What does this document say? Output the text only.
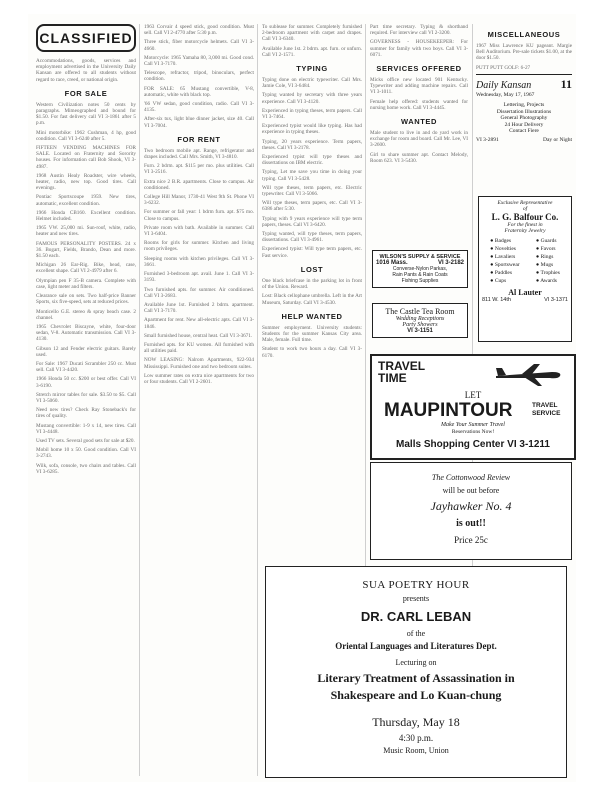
CLASSIFIED
Accommodations, goods, services and employment advertised in the University Daily Kansan are offered to all students without regard to race, creed, or national origin.
FOR SALE
Western Civilization notes 50 cents by paragraphs. Mimeographed and bound for $1.50. For fast delivery call VI 3-1861 after 5 p.m.
Mini motorbike: 1962 Cushman, 4 hp, good condition. Call VI 3-6240 after 5.
FIFTEEN VENDING MACHINES FOR SALE. Located on Fraternity and Sorority houses. For information call Bob Shook, VI 3-4987.
1968 Austin Healy Roadster, wire wheels, heater, radio, new top. Good tires. Call evenings.
Pontiac Sportscoupe 1959. New tires, automatic, excellent condition.
1966 Honda CB160. Excellent condition. Helmet included.
1965 VW. 25,000 mi. Sun-roof, white, radio, heater and new tires.
FAMOUS PERSONALITY POSTERS. 24 x 36. Bogart, Fields, Brando, Dean and more. $1.50 each.
Michigan 26 Ear-Rig. Bike, head, case, excellent shape. Call VI 2-4979 after 6.
Olympian pen F 35-B camera. Complete with case, light meter and filters.
Clearance sale on sets. Two half-price Banner Sports, six five-speed, sets at reduced prices.
Monticello G.E. stereo & spray beach case. 2 channel.
1965 Chevrolet Biscayne, white, four-door sedan, V-8. Automatic transmission. Call VI 3-4130.
Gibson 12 and Fender electric guitars. Barely used.
For Sale: 1967 Ducati Scrambler 250 cc. Must sell. Call VI 3-4420.
1966 Honda 50 cc. $200 or best offer. Call VI 3-6190.
Stretch mirror tables for sale. $3.50 to $5. Call VI 3-5060.
Need new tires? Check Ray Stoneback's for tires of quality.
Mustang convertible: 1-9 x 14, new tires. Call VI 3-4448.
Used TV sets. Several good sets for sale at $20.
Mobil home 10 x 50. Good condition. Call VI 3-2743.
Wilk, sofa, console, two chairs and tables. Call VI 3-6285.
1963 Corvair 4 speed stick, good condition. Must sell. Call VI 2-4770 after 5:30 p.m.
Three stick, fiber motorcycle helmets. Call VI 3-4660.
Motorcycle: 1965 Yamaha 80, 3,000 mi. Good cond. Call VI 3-7170.
Telescope, refractor, tripod, binoculars, perfect condition.
FOR SALE: 65 Mustang convertible, V-8, automatic, white with black top.
'66 VW sedan, good condition, radio. Call VI 3-4135.
After-six tux, light blue dinner jacket, size 40. Call VI 3-7004.
FOR RENT
Two bedroom mobile apt. Range, refrigerator and drapes included. Call Mrs. Smith, VI 3-4810.
Furn. 2 bdrm. apt. $115 per mo. plus utilities. Call VI 3-2516.
Extra nice 2 B.R. apartments. Close to campus. Air conditioned.
College Hill Manor, 1730-41 West 9th St. Phone VI 3-6232.
For summer or fall year: 1 bdrm furn. apt. $75 mo. Close to campus.
Private room with bath. Available in summer. Call VI 3-6404.
Rooms for girls for summer. Kitchen and living room privileges.
Sleeping rooms with kitchen privileges. Call VI 3-3661.
Furnished 3-bedroom apt. avail. June 1. Call VI 3-3193.
Two furnished apts. for summer. Air conditioned. Call VI 3-2683.
Available June 1st. Furnished 2 bdrm. apartment. Call VI 3-7170.
Apartment for rent. New all-electric apts. Call VI 3-1846.
Small furnished house, central heat. Call VI 3-3671.
Furnished apts. for KU women. All furnished with all utilities paid.
NOW LEASING: Nalrom Apartments, 922-934 Mississippi. Furnished one and two bedroom suites.
Low summer rates on extra nice apartments for two or four students. Call VI 2-2601.
To sublease for summer. Completely furnished 2-bedroom apartment with carpet and drapes. Call VI 3-6340.
Available June 1st. 2 bdrm. apt. furn. or unfurn. Call VI 2-1571.
TYPING
Typing done on electric typewriter. Call Mrs. Jamie Cole, VI 3-6484.
Typing wanted by secretary with three years experience. Call VI 3-4120.
Experienced in typing theses, term papers. Call VI 3-7464.
Experienced typist would like typing. Has had experience in typing theses.
Typing, 20 years experience. Term papers, theses. Call VI 3-2178.
Experienced typist will type theses and dissertations on IBM electric.
Typing, Let me save you time in doing your typing. Call VI 3-5428.
Will type theses, term papers, etc. Electric typewriter. Call VI 3-5066.
Will type theses, term papers, etc. Call VI 3-6386 after 5:30.
Typing with 9 years experience will type term papers, theses. Call VI 3-6420.
Typing wanted, will type theses, term papers, dissertations. Call VI 3-4961.
Experienced typist: Will type term papers, etc. Fast service.
LOST
One black briefcase in the parking lot in front of the Union. Reward.
Lost: Black cellophane umbrella. Left in the Art Museum, Saturday. Call VI 3-4530.
HELP WANTED
Summer employment. University students: Students for the summer Kansas City area. Male, female. Full time.
Student to work two hours a day. Call VI 3-6170.
Part time secretary. Typing & shorthand required. For interview call VI 2-3200.
GOVERNESS - HOUSEKEEPER: For summer for family with two boys. Call VI 3-6071.
SERVICES OFFERED
Micks office new located 901 Kentucky. Typewriter and adding machine repairs. Call VI 3-1011.
Female help offered: students wanted for nursing home work. Call VI 3-4445.
WANTED
Male student to live in and do yard work in exchange for room and board. Call Mr. Lee, VI 3-2600.
Girl to share summer apt. Contact Melody, Room 623. VI 3-5430.
WILSON'S SUPPLY & SERVICE
1016 Mass.	VI 3-2182
Converse-Nylon Parkas,
Rain Pants & Rain Coats
Fishing Supplies
The Castle Tea Room
Wedding Receptions
Party Showers
VI 3-1151
MISCELLANEOUS
1967 Miss Lawrence KU pageant. Margie Bell Auditorium. Pre-sale tickets $1.00, at the door $1.50.
PUTT PUTT GOLF: 6-27
Daily Kansan 11
Wednesday, May 17, 1967
Lettering, Projects
Dissertation Illustrations
General Photography
24 Hour Delivery
Contact Fiere
VI 3-2891	Day or Night
Exclusive Representative
of
L. G. Balfour Co.
For the finest in
Fraternity Jewelry
● Badges
● Novelties
● Lavaliers
● Sportswear
● Paddles
● Cups
● Guards
● Favors
● Rings
● Mugs
● Trophies
● Awards
Al Lauter
811 W. 14th	VI 3-1371
TRAVEL TIME
LET
MAUPINTOUR	TRAVEL SERVICE
Make Your Summer Travel
Reservations Now!
Malls Shopping Center VI 3-1211
The Cottonwood Review
will be out before
Jayhawker No. 4
is out!!
Price 25c
SUA POETRY HOUR
presents
DR. CARL LEBAN
of the
Oriental Languages and Literatures Dept.
Lecturing on
Literary Treatment of Assassination in
Shakespeare and Lo Kuan-chung
Thursday, May 18
4:30 p.m.
Music Room, Union
